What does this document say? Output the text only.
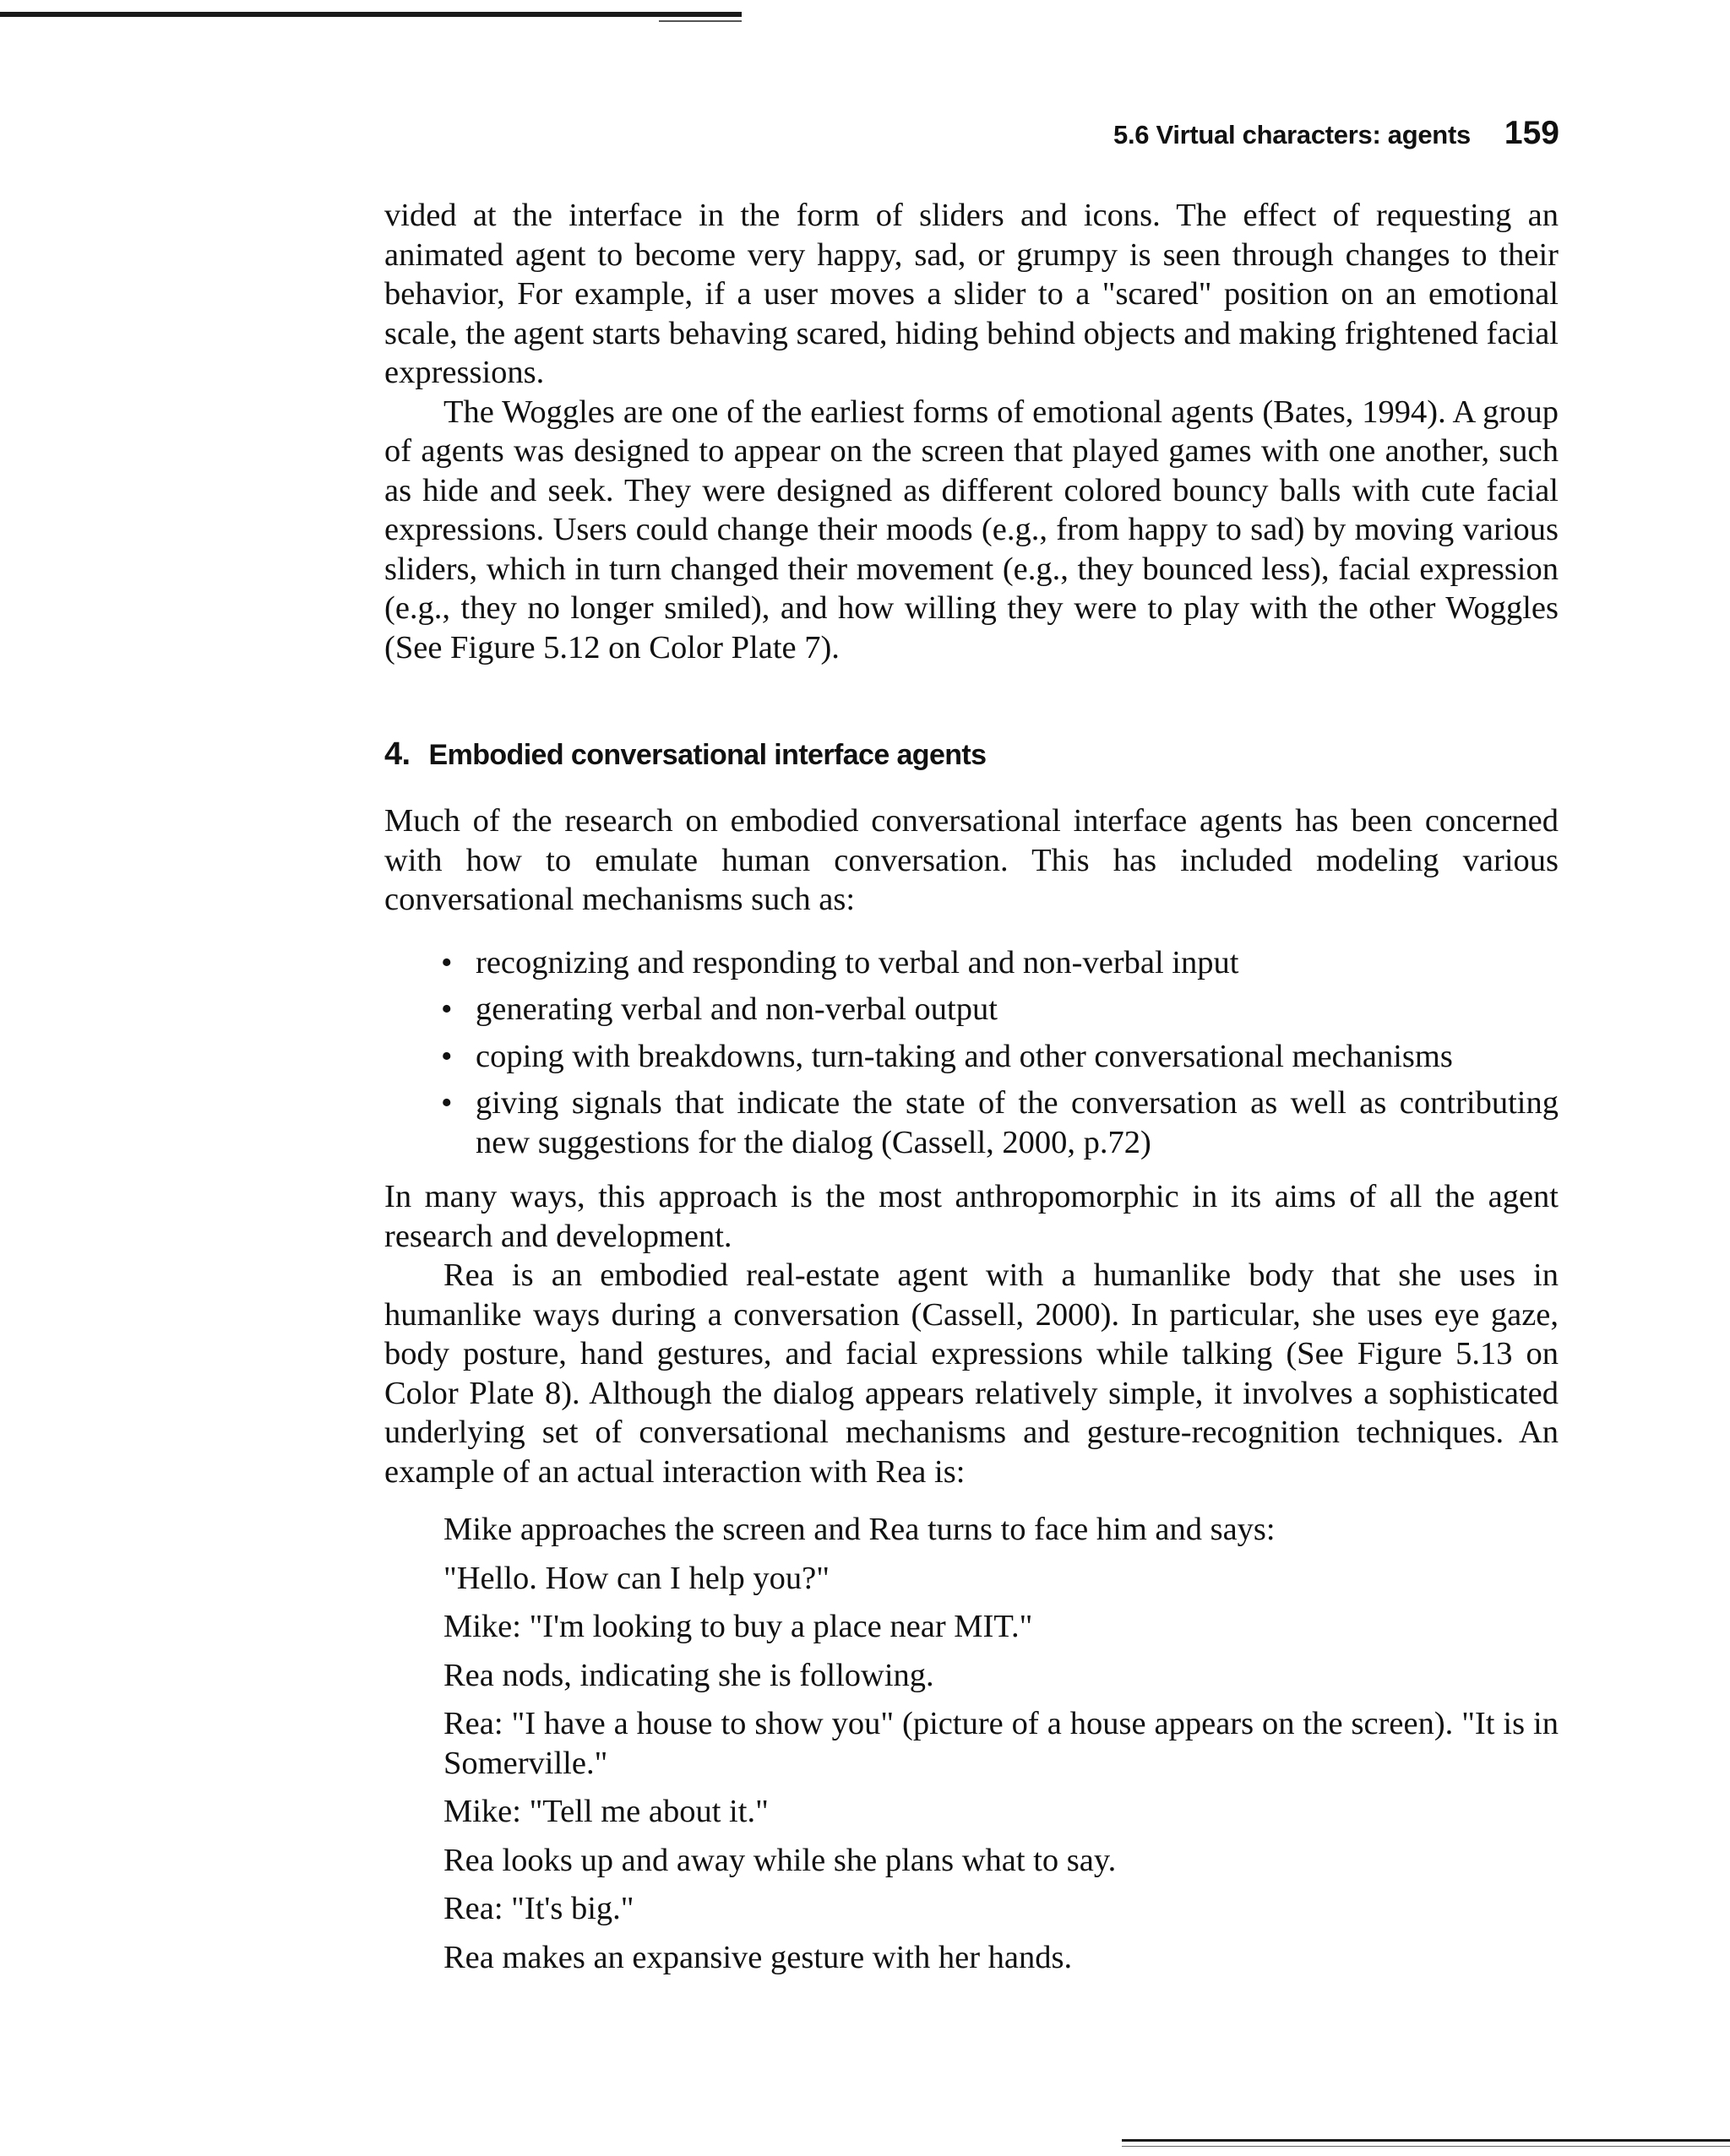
5.6 Virtual characters: agents 159

vided at the interface in the form of sliders and icons. The effect of requesting an animated agent to become very happy, sad, or grumpy is seen through changes to their behavior, For example, if a user moves a slider to a "scared" position on an emotional scale, the agent starts behaving scared, hiding behind objects and making frightened facial expressions.

The Woggles are one of the earliest forms of emotional agents (Bates, 1994). A group of agents was designed to appear on the screen that played games with one another, such as hide and seek. They were designed as different colored bouncy balls with cute facial expressions. Users could change their moods (e.g., from happy to sad) by moving various sliders, which in turn changed their movement (e.g., they bounced less), facial expression (e.g., they no longer smiled), and how willing they were to play with the other Woggles (See Figure 5.12 on Color Plate 7).

4. Embodied conversational interface agents

Much of the research on embodied conversational interface agents has been concerned with how to emulate human conversation. This has included modeling various conversational mechanisms such as:

• recognizing and responding to verbal and non-verbal input
• generating verbal and non-verbal output
• coping with breakdowns, turn-taking and other conversational mechanisms
• giving signals that indicate the state of the conversation as well as contributing new suggestions for the dialog (Cassell, 2000, p.72)

In many ways, this approach is the most anthropomorphic in its aims of all the agent research and development.

Rea is an embodied real-estate agent with a humanlike body that she uses in humanlike ways during a conversation (Cassell, 2000). In particular, she uses eye gaze, body posture, hand gestures, and facial expressions while talking (See Figure 5.13 on Color Plate 8). Although the dialog appears relatively simple, it involves a sophisticated underlying set of conversational mechanisms and gesture-recognition techniques. An example of an actual interaction with Rea is:

Mike approaches the screen and Rea turns to face him and says:

"Hello. How can I help you?"

Mike: "I'm looking to buy a place near MIT."

Rea nods, indicating she is following.

Rea: "I have a house to show you" (picture of a house appears on the screen). "It is in Somerville."

Mike: "Tell me about it."

Rea looks up and away while she plans what to say.

Rea: "It's big."

Rea makes an expansive gesture with her hands.
